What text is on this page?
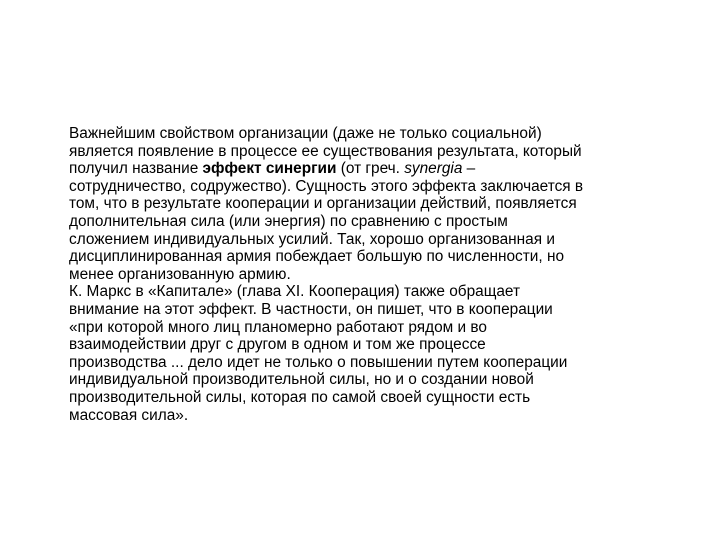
Важнейшим свойством организации (даже не только социальной)
является появление в процессе ее существования результата, который
получил название эффект синергии (от греч. synergia –
сотрудничество, содружество). Сущность этого эффекта заключается в
том, что в результате кооперации и организации действий, появляется
дополнительная сила (или энергия) по сравнению с простым
сложением индивидуальных усилий. Так, хорошо организованная и
дисциплинированная армия побеждает большую по численности, но
менее организованную армию.
К. Маркс в «Капитале» (глава XI. Кооперация) также обращает
внимание на этот эффект. В частности, он пишет, что в кооперации
«при которой много лиц планомерно работают рядом и во
взаимодействии друг с другом в одном и том же процессе
производства ... дело идет не только о повышении путем кооперации
индивидуальной производительной силы, но и о создании новой
производительной силы, которая по самой своей сущности есть
массовая сила».
